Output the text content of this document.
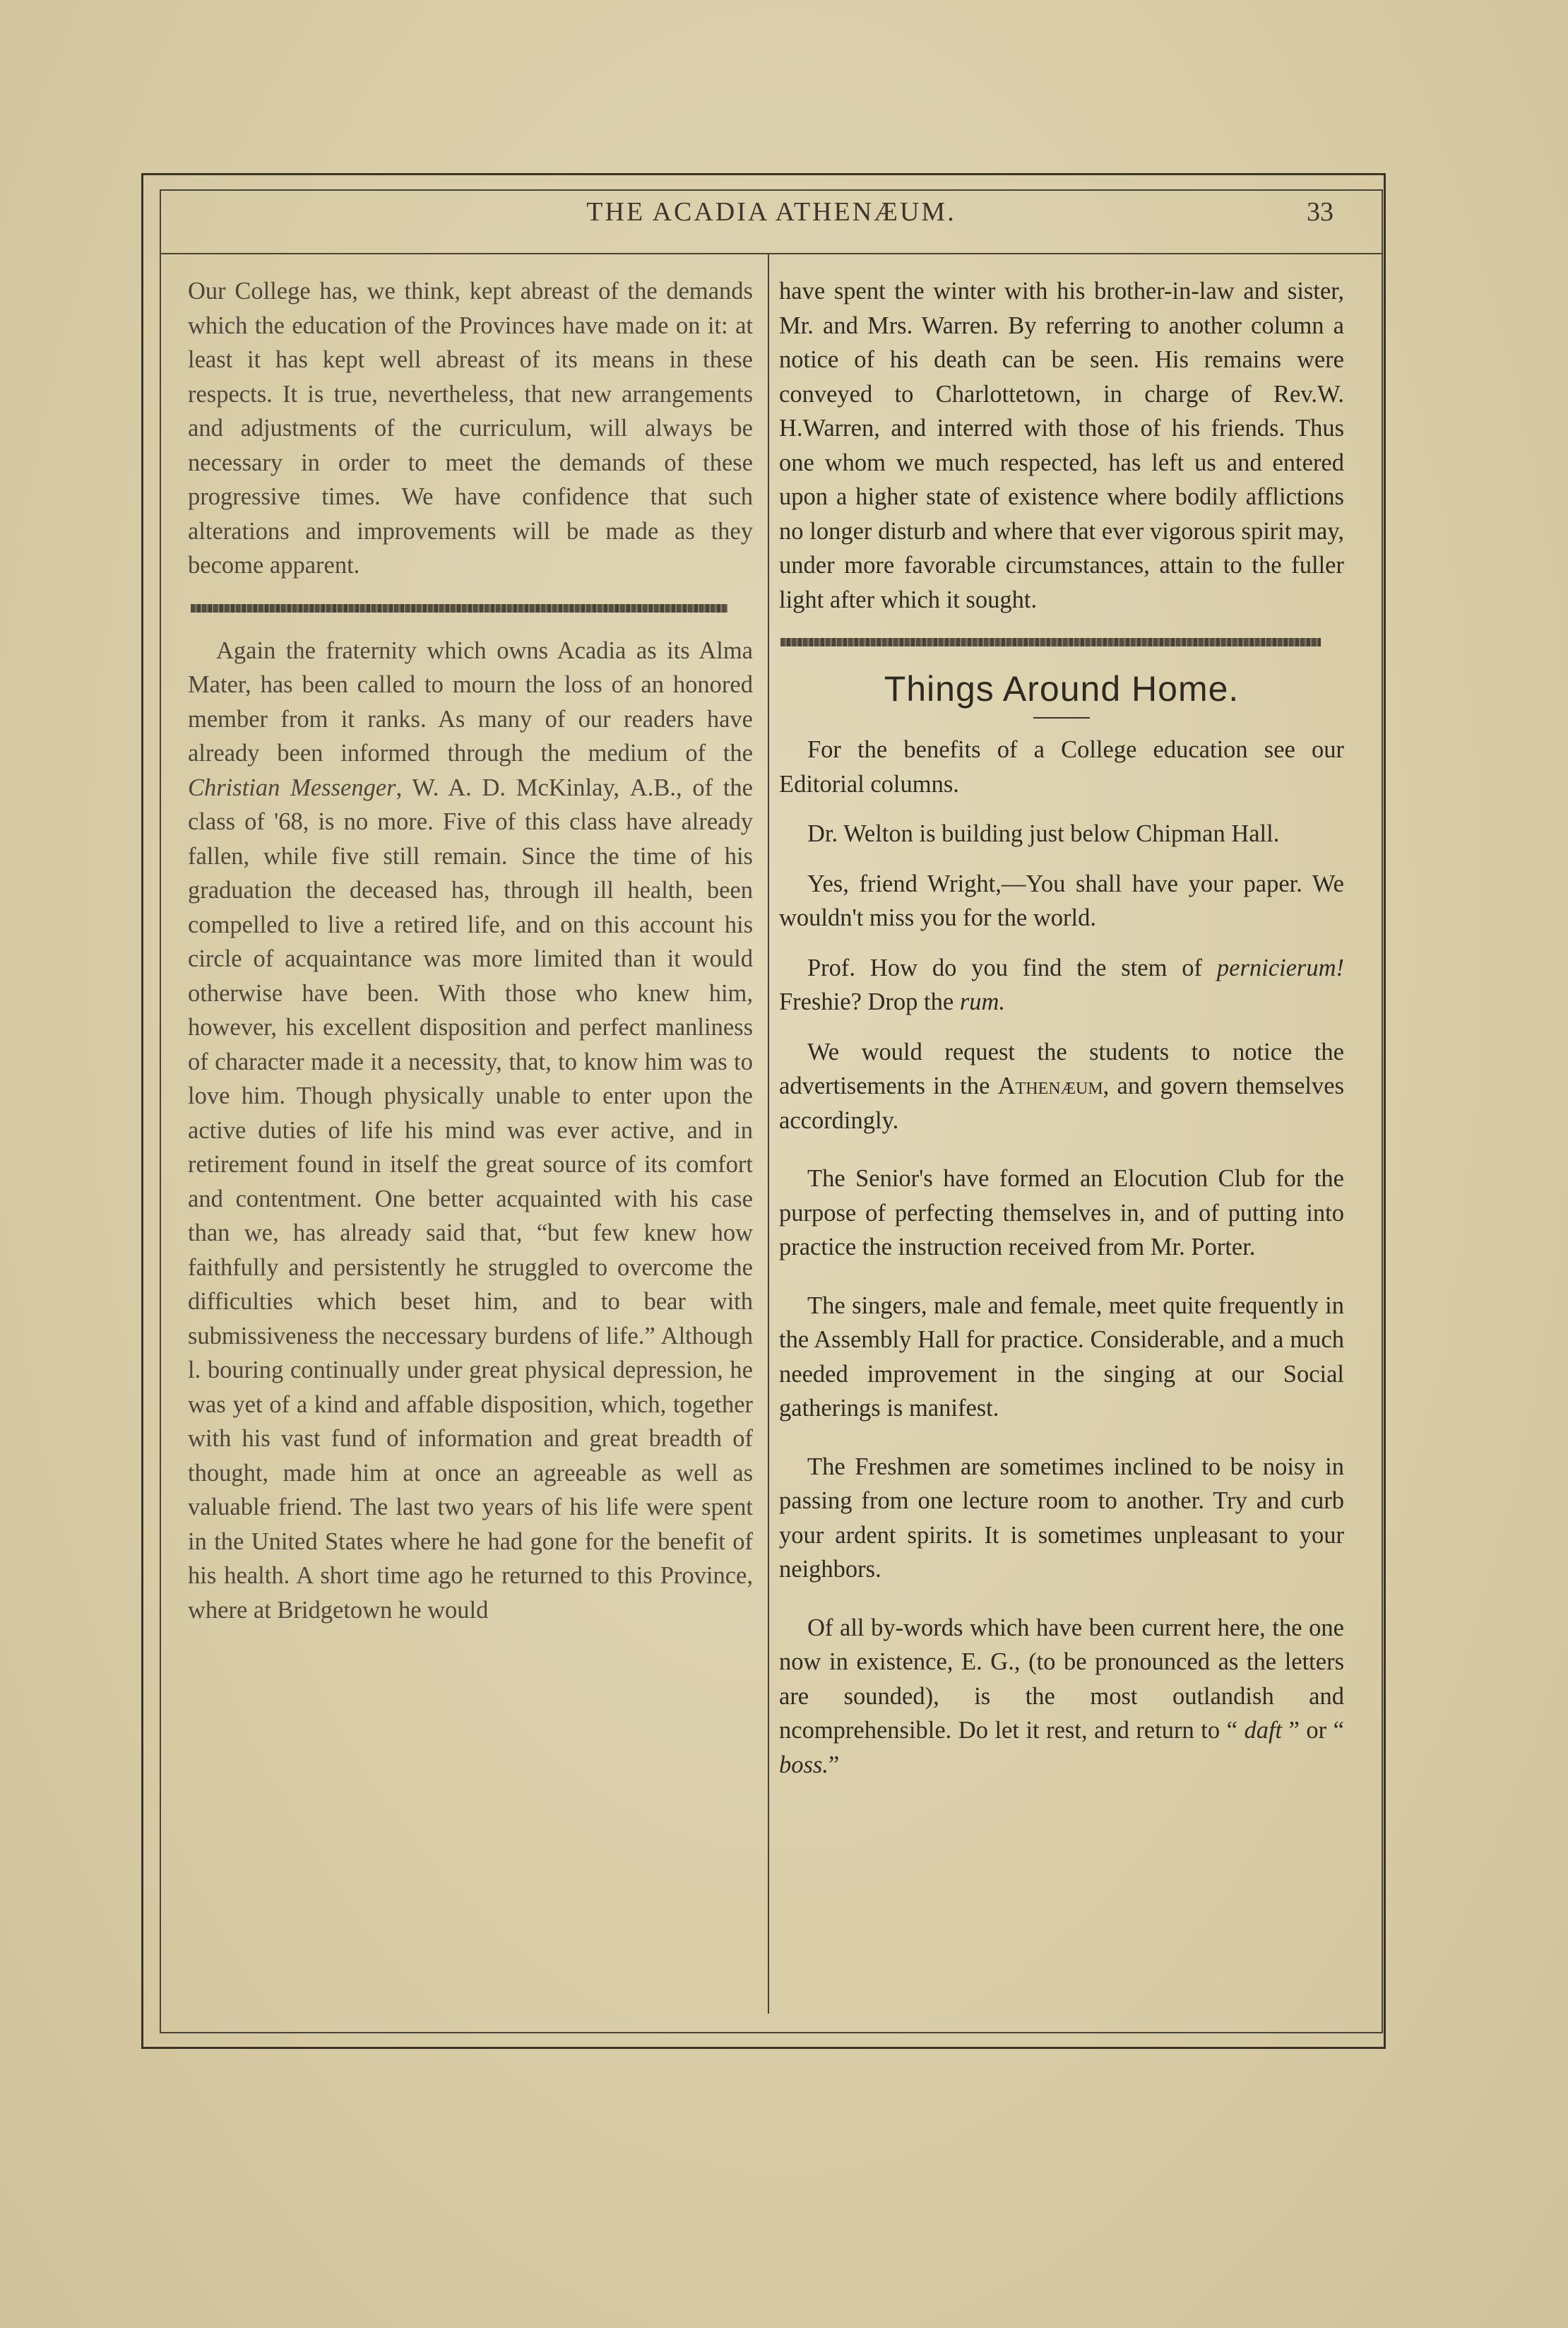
THE ACADIA ATHENÆUM.	33

Our College has, we think, kept abreast of the demands which the education of the Provinces have made on it: at least it has kept well abreast of its means in these respects. It is true, nevertheless, that new arrangements and adjustments of the curriculum, will always be necessary in order to meet the demands of these progressive times. We have confidence that such alterations and improvements will be made as they become apparent.

Again the fraternity which owns Acadia as its Alma Mater, has been called to mourn the loss of an honored member from it ranks. As many of our readers have already been informed through the medium of the Christian Messenger, W. A. D. McKinlay, A.B., of the class of '68, is no more. Five of this class have already fallen, while five still remain. Since the time of his graduation the deceased has, through ill health, been compelled to live a retired life, and on this account his circle of acquaintance was more limited than it would otherwise have been. With those who knew him, however, his excellent disposition and perfect manliness of character made it a necessity, that, to know him was to love him. Though physically unable to enter upon the active duties of life his mind was ever active, and in retirement found in itself the great source of its comfort and contentment. One better acquainted with his case than we, has already said that, “but few knew how faithfully and persistently he struggled to overcome the difficulties which beset him, and to bear with submissiveness the neccessary burdens of life.” Although l. bouring continually under great physical depression, he was yet of a kind and affable disposition, which, together with his vast fund of information and great breadth of thought, made him at once an agreeable as well as valuable friend. The last two years of his life were spent in the United States where he had gone for the benefit of his health. A short time ago he returned to this Province, where at Bridgetown he would

have spent the winter with his brother-in-law and sister, Mr. and Mrs. Warren. By referring to another column a notice of his death can be seen. His remains were conveyed to Charlottetown, in charge of Rev.W. H.Warren, and interred with those of his friends. Thus one whom we much respected, has left us and entered upon a higher state of existence where bodily afflictions no longer disturb and where that ever vigorous spirit may, under more favorable circumstances, attain to the fuller light after which it sought.

Things Around Home.

For the benefits of a College education see our Editorial columns.

Dr. Welton is building just below Chipman Hall.

Yes, friend Wright,—You shall have your paper. We wouldn't miss you for the world.

Prof. How do you find the stem of pernicierum! Freshie? Drop the rum.

We would request the students to notice the advertisements in the Athenæum, and govern themselves accordingly.

The Senior's have formed an Elocution Club for the purpose of perfecting themselves in, and of putting into practice the instruction received from Mr. Porter.

The singers, male and female, meet quite frequently in the Assembly Hall for practice. Considerable, and a much needed improvement in the singing at our Social gatherings is manifest.

The Freshmen are sometimes inclined to be noisy in passing from one lecture room to another. Try and curb your ardent spirits. It is sometimes unpleasant to your neighbors.

Of all by-words which have been current here, the one now in existence, E. G., (to be pronounced as the letters are sounded), is the most outlandish and ncomprehensible. Do let it rest, and return to “ daft ” or “ boss.”
